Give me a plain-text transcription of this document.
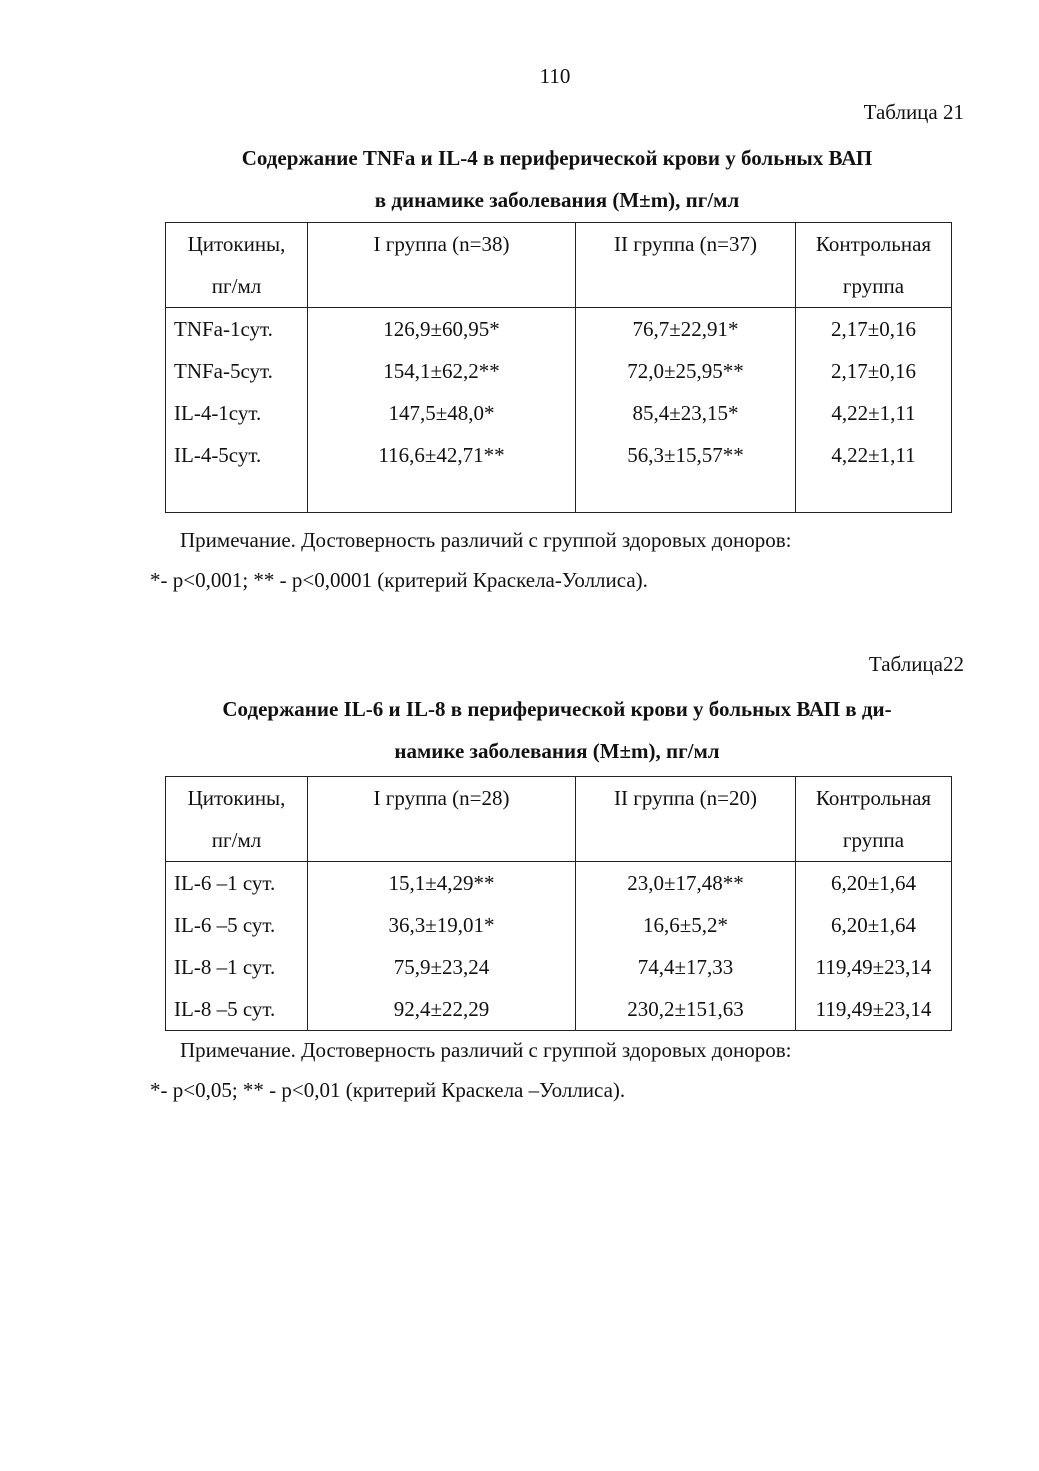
110
Таблица 21
Содержание TNFa и IL-4 в периферической крови у больных ВАП
в динамике заболевания (M±m), пг/мл
Цитокины,	I группа (n=38)	II группа (n=37)	Контрольная
пг/мл			группа
TNFa-1сут.	126,9±60,95*	76,7±22,91*	2,17±0,16
TNFa-5сут.	154,1±62,2**	72,0±25,95**	2,17±0,16
IL-4-1сут.	147,5±48,0*	85,4±23,15*	4,22±1,11
IL-4-5сут.	116,6±42,71**	56,3±15,57**	4,22±1,11

Примечание. Достоверность различий с группой здоровых доноров:
*- p<0,001; ** - p<0,0001 (критерий Краскела-Уоллиса).
Таблица22
Содержание IL-6 и IL-8 в периферической крови у больных ВАП в ди-
намике заболевания (M±m), пг/мл
Цитокины,	I группа (n=28)	II группа (n=20)	Контрольная
пг/мл			группа
IL-6 –1 сут.	15,1±4,29**	23,0±17,48**	6,20±1,64
IL-6 –5 сут.	36,3±19,01*	16,6±5,2*	6,20±1,64
IL-8 –1 сут.	75,9±23,24	74,4±17,33	119,49±23,14
IL-8 –5 сут.	92,4±22,29	230,2±151,63	119,49±23,14
Примечание. Достоверность различий с группой здоровых доноров:
*- p<0,05; ** - p<0,01 (критерий Краскела –Уоллиса).
